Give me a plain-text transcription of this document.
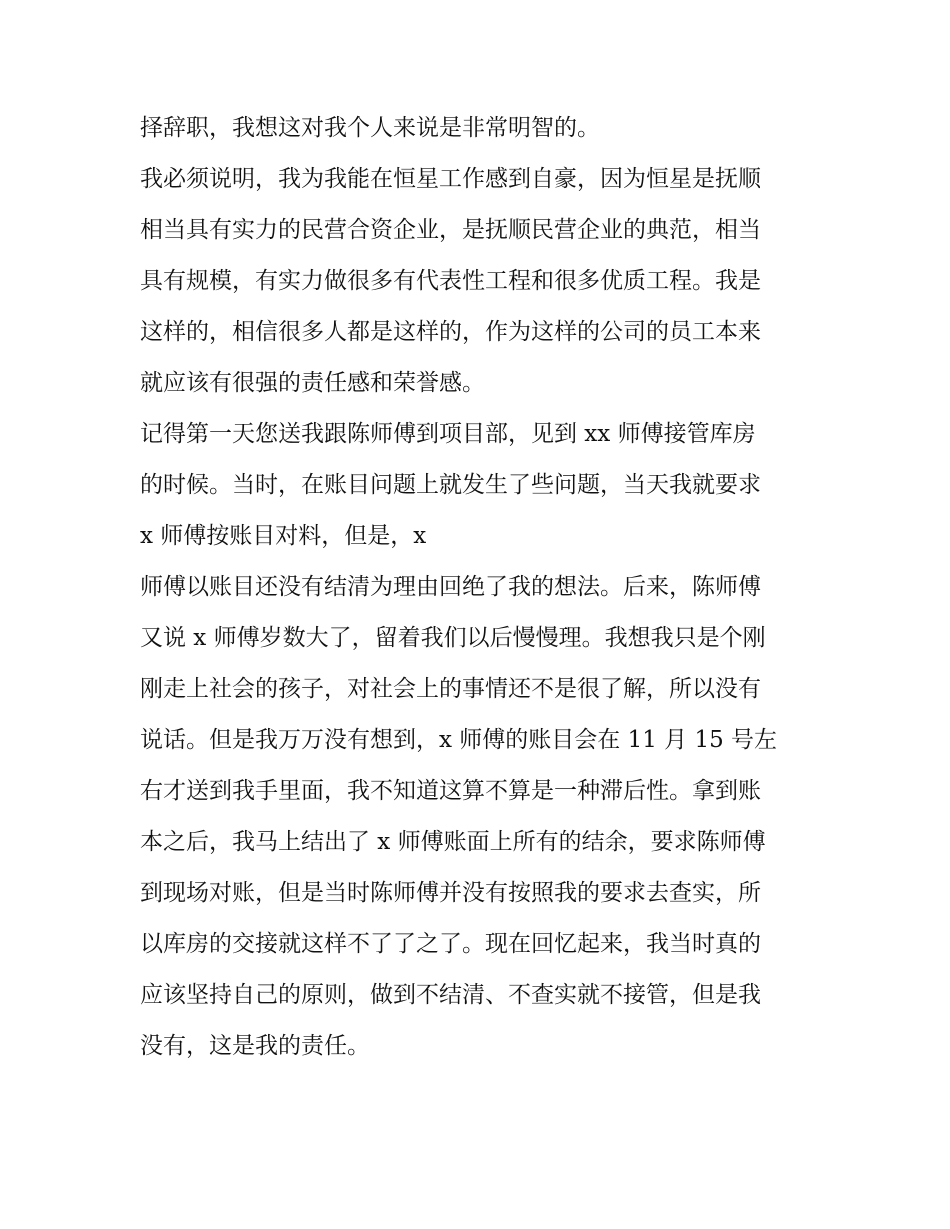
择辞职，我想这对我个人来说是非常明智的。
我必须说明，我为我能在恒星工作感到自豪，因为恒星是抚顺
相当具有实力的民营合资企业，是抚顺民营企业的典范，相当
具有规模，有实力做很多有代表性工程和很多优质工程。我是
这样的，相信很多人都是这样的，作为这样的公司的员工本来
就应该有很强的责任感和荣誉感。
记得第一天您送我跟陈师傅到项目部，见到 xx 师傅接管库房
的时候。当时，在账目问题上就发生了些问题，当天我就要求
x 师傅按账目对料，但是，x
师傅以账目还没有结清为理由回绝了我的想法。后来，陈师傅
又说 x 师傅岁数大了，留着我们以后慢慢理。我想我只是个刚
刚走上社会的孩子，对社会上的事情还不是很了解，所以没有
说话。但是我万万没有想到，x 师傅的账目会在 11 月 15 号左
右才送到我手里面，我不知道这算不算是一种滞后性。拿到账
本之后，我马上结出了 x 师傅账面上所有的结余，要求陈师傅
到现场对账，但是当时陈师傅并没有按照我的要求去查实，所
以库房的交接就这样不了了之了。现在回忆起来，我当时真的
应该坚持自己的原则，做到不结清、不查实就不接管，但是我
没有，这是我的责任。
